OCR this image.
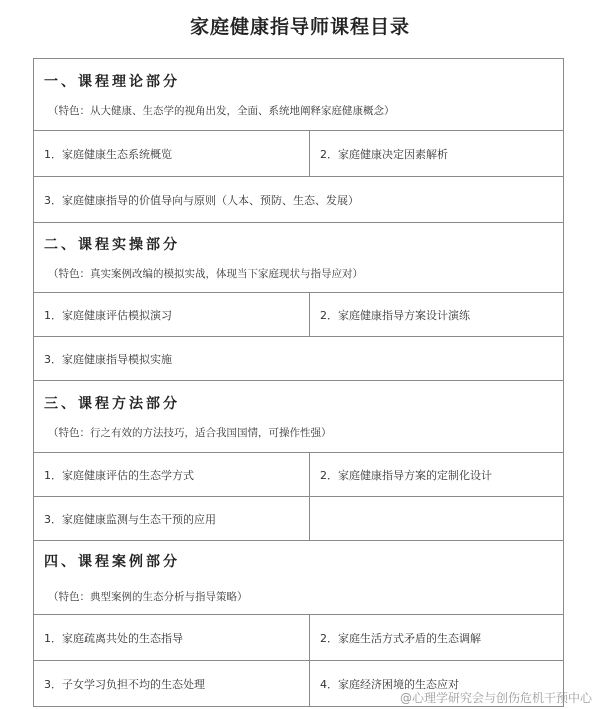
家庭健康指导师课程目录
一、课程理论部分
（特色：从大健康、生态学的视角出发，全面、系统地阐释家庭健康概念）	

1．家庭健康生态系统概览	2．家庭健康决定因素解析
3．家庭健康指导的价值导向与原则（人本、预防、生态、发展）	

二、课程实操部分
（特色：真实案例改编的模拟实战，体现当下家庭现状与指导应对）	

1．家庭健康评估模拟演习	2．家庭健康指导方案设计演练
3．家庭健康指导模拟实施	

三、课程方法部分
（特色：行之有效的方法技巧，适合我国国情，可操作性强）	

1．家庭健康评估的生态学方式	2．家庭健康指导方案的定制化设计
3．家庭健康监测与生态干预的应用	

四、课程案例部分
（特色：典型案例的生态分析与指导策略）	

1．家庭疏离共处的生态指导	2．家庭生活方式矛盾的生态调解
3．子女学习负担不均的生态处理	4．家庭经济困境的生态应对
@心理学研究会与创伤危机干预中心
